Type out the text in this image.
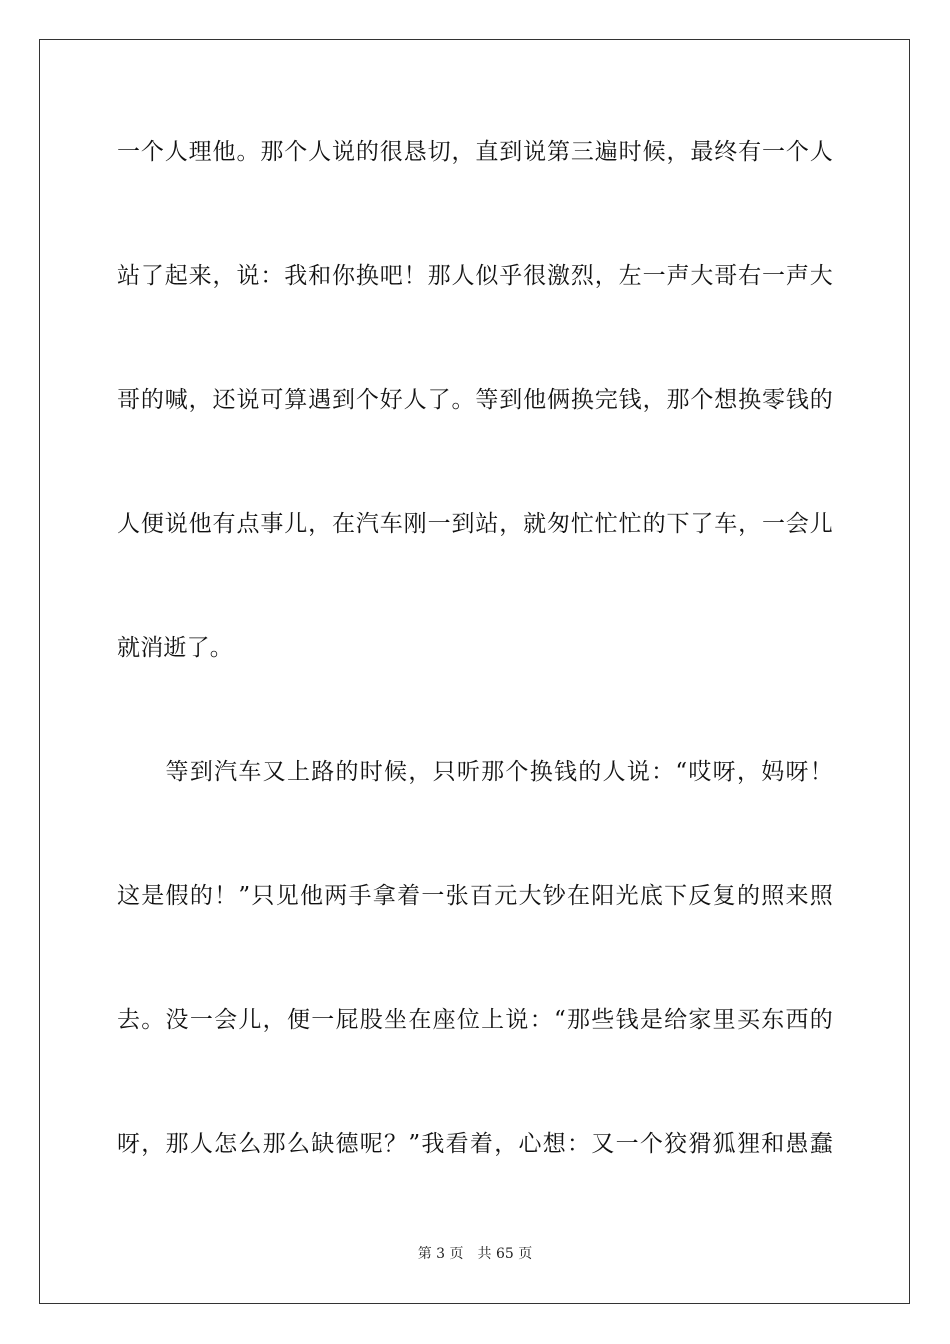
一个人理他。那个人说的很恳切，直到说第三遍时候，最终有一个人
站了起来，说：我和你换吧！那人似乎很激烈，左一声大哥右一声大
哥的喊，还说可算遇到个好人了。等到他俩换完钱，那个想换零钱的
人便说他有点事儿，在汽车刚一到站，就匆忙忙忙的下了车，一会儿
就消逝了。
　　等到汽车又上路的时候，只听那个换钱的人说：“哎呀，妈呀！
这是假的！”只见他两手拿着一张百元大钞在阳光底下反复的照来照
去。没一会儿，便一屁股坐在座位上说：“那些钱是给家里买东西的
呀，那人怎么那么缺德呢？”我看着，心想：又一个狡猾狐狸和愚蠢
第 3 页　共 65 页
